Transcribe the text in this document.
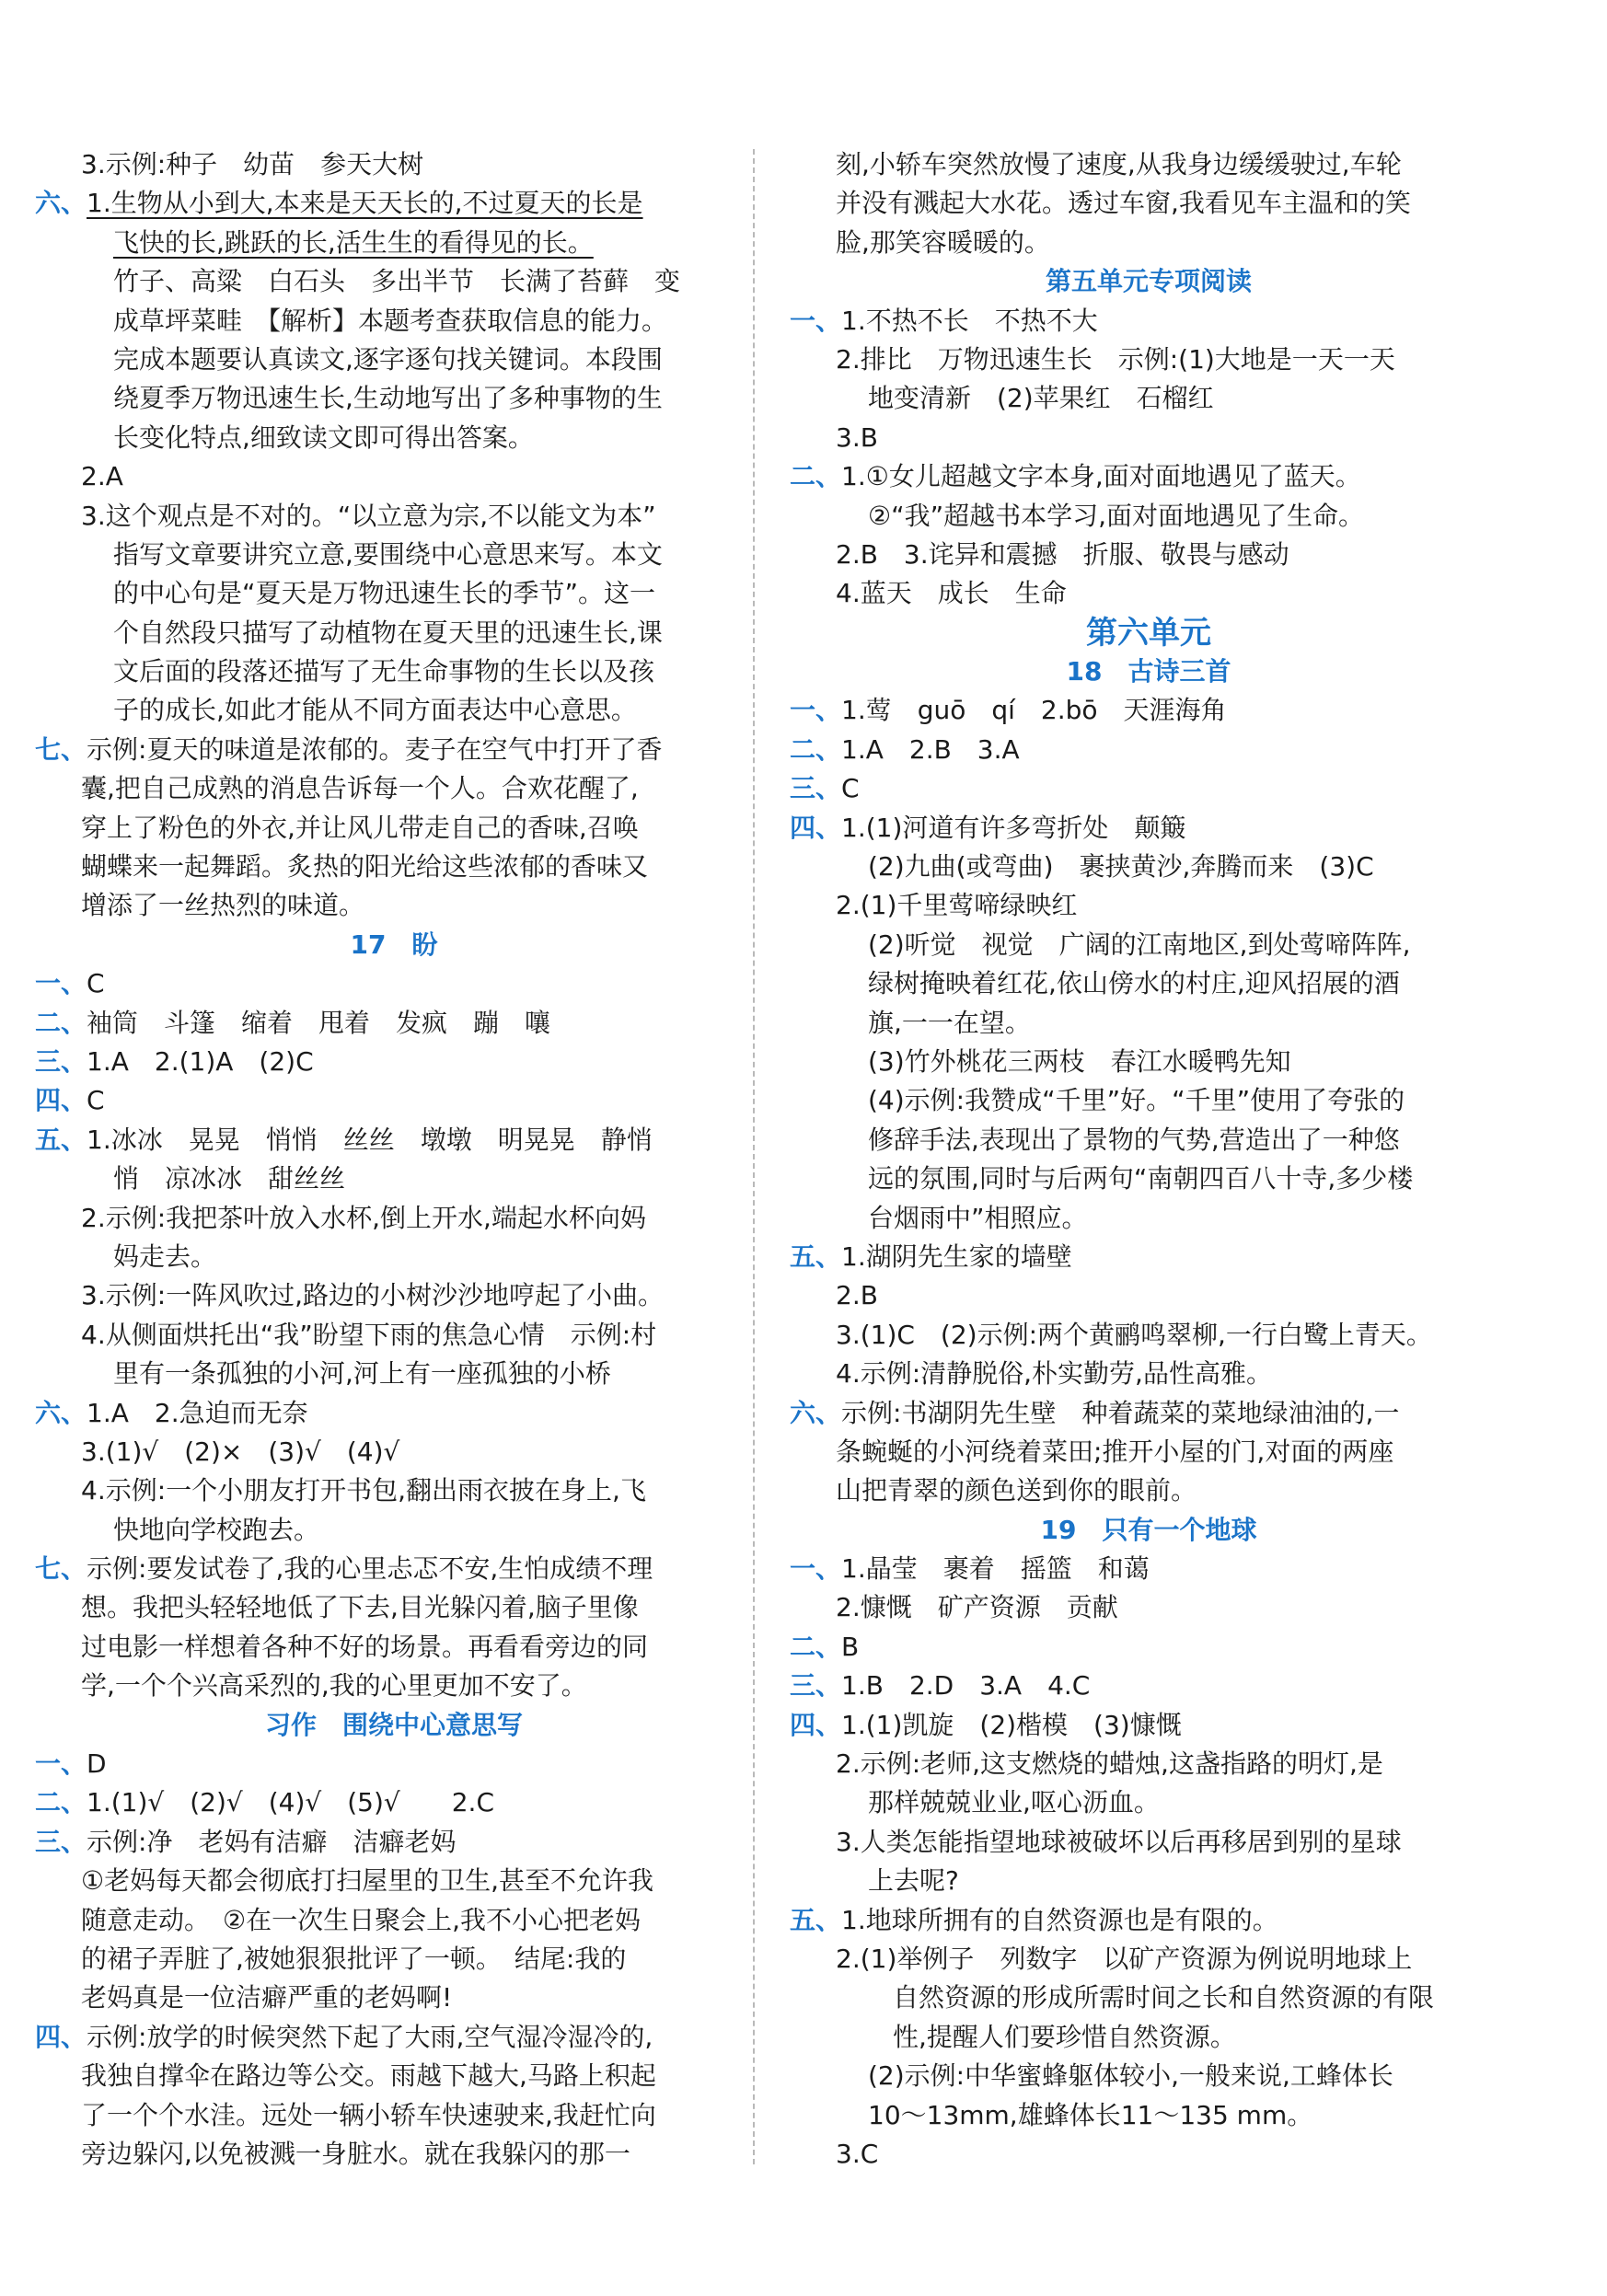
3.示例:种子　幼苗　参天大树
六、1.生物从小到大,本来是天天长的,不过夏天的长是
飞快的长,跳跃的长,活生生的看得见的长。
竹子、高粱　白石头　多出半节　长满了苔藓　变
成草坪菜畦　【解析】本题考查获取信息的能力。
完成本题要认真读文,逐字逐句找关键词。本段围
绕夏季万物迅速生长,生动地写出了多种事物的生
长变化特点,细致读文即可得出答案。
2.A
3.这个观点是不对的。“以立意为宗,不以能文为本”
指写文章要讲究立意,要围绕中心意思来写。本文
的中心句是“夏天是万物迅速生长的季节”。这一
个自然段只描写了动植物在夏天里的迅速生长,课
文后面的段落还描写了无生命事物的生长以及孩
子的成长,如此才能从不同方面表达中心意思。
七、示例:夏天的味道是浓郁的。麦子在空气中打开了香
囊,把自己成熟的消息告诉每一个人。合欢花醒了,
穿上了粉色的外衣,并让风儿带走自己的香味,召唤
蝴蝶来一起舞蹈。炙热的阳光给这些浓郁的香味又
增添了一丝热烈的味道。
17　盼
一、C
二、袖筒　斗篷　缩着　甩着　发疯　蹦　嚷
三、1.A　2.(1)A　(2)C
四、C
五、1.冰冰　晃晃　悄悄　丝丝　墩墩　明晃晃　静悄
悄　凉冰冰　甜丝丝
2.示例:我把茶叶放入水杯,倒上开水,端起水杯向妈
妈走去。
3.示例:一阵风吹过,路边的小树沙沙地哼起了小曲。
4.从侧面烘托出“我”盼望下雨的焦急心情　示例:村
里有一条孤独的小河,河上有一座孤独的小桥
六、1.A　2.急迫而无奈
3.(1)√　(2)×　(3)√　(4)√
4.示例:一个小朋友打开书包,翻出雨衣披在身上,飞
快地向学校跑去。
七、示例:要发试卷了,我的心里忐忑不安,生怕成绩不理
想。我把头轻轻地低了下去,目光躲闪着,脑子里像
过电影一样想着各种不好的场景。再看看旁边的同
学,一个个兴高采烈的,我的心里更加不安了。
习作　围绕中心意思写
一、D
二、1.(1)√　(2)√　(4)√　(5)√　　2.C
三、示例:净　老妈有洁癖　洁癖老妈
①老妈每天都会彻底打扫屋里的卫生,甚至不允许我
随意走动。　②在一次生日聚会上,我不小心把老妈
的裙子弄脏了,被她狠狠批评了一顿。　结尾:我的
老妈真是一位洁癖严重的老妈啊!
四、示例:放学的时候突然下起了大雨,空气湿冷湿冷的,
我独自撑伞在路边等公交。雨越下越大,马路上积起
了一个个水洼。远处一辆小轿车快速驶来,我赶忙向
旁边躲闪,以免被溅一身脏水。就在我躲闪的那一
刻,小轿车突然放慢了速度,从我身边缓缓驶过,车轮
并没有溅起大水花。透过车窗,我看见车主温和的笑
脸,那笑容暖暖的。
第五单元专项阅读
一、1.不热不长　不热不大
2.排比　万物迅速生长　示例:(1)大地是一天一天
地变清新　(2)苹果红　石榴红
3.B
二、1.①女儿超越文字本身,面对面地遇见了蓝天。
②“我”超越书本学习,面对面地遇见了生命。
2.B　3.诧异和震撼　折服、敬畏与感动
4.蓝天　成长　生命
第六单元
18　古诗三首
一、1.莺　guō　qí　2.bō　天涯海角
二、1.A　2.B　3.A
三、C
四、1.(1)河道有许多弯折处　颠簸
(2)九曲(或弯曲)　裹挟黄沙,奔腾而来　(3)C
2.(1)千里莺啼绿映红
(2)听觉　视觉　广阔的江南地区,到处莺啼阵阵,
绿树掩映着红花,依山傍水的村庄,迎风招展的酒
旗,一一在望。
(3)竹外桃花三两枝　春江水暖鸭先知
(4)示例:我赞成“千里”好。“千里”使用了夸张的
修辞手法,表现出了景物的气势,营造出了一种悠
远的氛围,同时与后两句“南朝四百八十寺,多少楼
台烟雨中”相照应。
五、1.湖阴先生家的墙壁
2.B
3.(1)C　(2)示例:两个黄鹂鸣翠柳,一行白鹭上青天。
4.示例:清静脱俗,朴实勤劳,品性高雅。
六、示例:书湖阴先生壁　种着蔬菜的菜地绿油油的,一
条蜿蜒的小河绕着菜田;推开小屋的门,对面的两座
山把青翠的颜色送到你的眼前。
19　只有一个地球
一、1.晶莹　裹着　摇篮　和蔼
2.慷慨　矿产资源　贡献
二、B
三、1.B　2.D　3.A　4.C
四、1.(1)凯旋　(2)楷模　(3)慷慨
2.示例:老师,这支燃烧的蜡烛,这盏指路的明灯,是
那样兢兢业业,呕心沥血。
3.人类怎能指望地球被破坏以后再移居到别的星球
上去呢?
五、1.地球所拥有的自然资源也是有限的。
2.(1)举例子　列数字　以矿产资源为例说明地球上
自然资源的形成所需时间之长和自然资源的有限
性,提醒人们要珍惜自然资源。
(2)示例:中华蜜蜂躯体较小,一般来说,工蜂体长
10～13mm,雄蜂体长11～135 mm。
3.C
